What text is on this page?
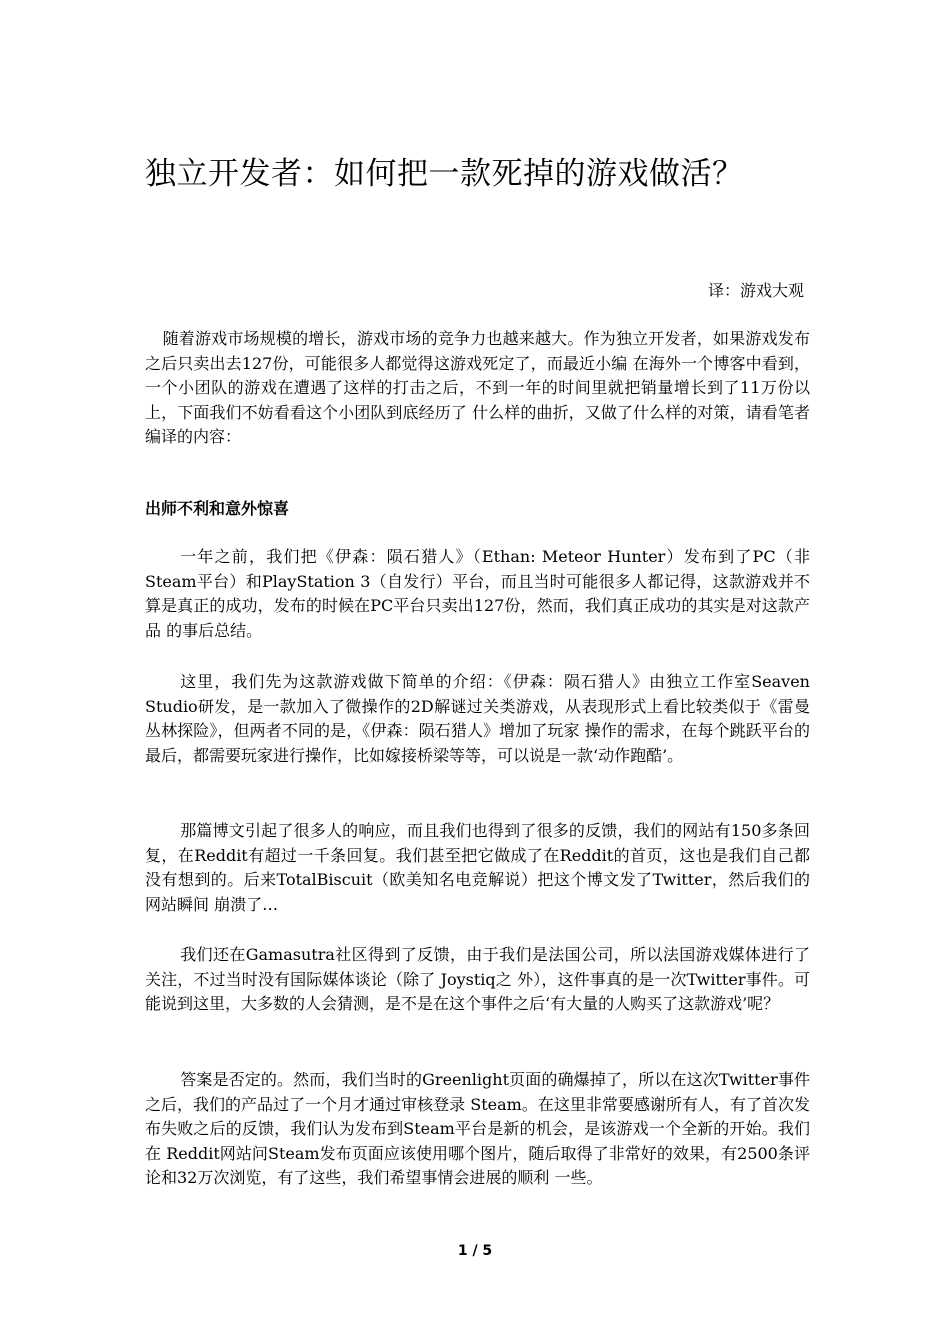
独立开发者：如何把一款死掉的游戏做活？

译：游戏大观

随着游戏市场规模的增长，游戏市场的竞争力也越来越大。作为独立开发者，如果游戏发布之后只卖出去127份，可能很多人都觉得这游戏死定了，而最近小编 在海外一个博客中看到，一个小团队的游戏在遭遇了这样的打击之后，不到一年的时间里就把销量增长到了11万份以上，下面我们不妨看看这个小团队到底经历了 什么样的曲折，又做了什么样的对策，请看笔者编译的内容：

出师不利和意外惊喜

一年之前，我们把《伊森：陨石猎人》（Ethan: Meteor Hunter）发布到了PC（非Steam平台）和PlayStation 3（自发行）平台，而且当时可能很多人都记得，这款游戏并不算是真正的成功，发布的时候在PC平台只卖出127份，然而，我们真正成功的其实是对这款产品 的事后总结。

这里，我们先为这款游戏做下简单的介绍：《伊森：陨石猎人》由独立工作室Seaven Studio研发，是一款加入了微操作的2D解谜过关类游戏，从表现形式上看比较类似于《雷曼丛林探险》，但两者不同的是，《伊森：陨石猎人》增加了玩家 操作的需求，在每个跳跃平台的最后，都需要玩家进行操作，比如嫁接桥梁等等，可以说是一款‘动作跑酷’。

那篇博文引起了很多人的响应，而且我们也得到了很多的反馈，我们的网站有150多条回复，在Reddit有超过一千条回复。我们甚至把它做成了在Reddit的首页，这也是我们自己都没有想到的。后来TotalBiscuit（欧美知名电竞解说）把这个博文发了Twitter，然后我们的网站瞬间 崩溃了…

我们还在Gamasutra社区得到了反馈，由于我们是法国公司，所以法国游戏媒体进行了关注，不过当时没有国际媒体谈论（除了 Joystiq之 外），这件事真的是一次Twitter事件。可能说到这里，大多数的人会猜测，是不是在这个事件之后‘有大量的人购买了这款游戏’呢？

答案是否定的。然而，我们当时的Greenlight页面的确爆掉了，所以在这次Twitter事件之后，我们的产品过了一个月才通过审核登录 Steam。在这里非常要感谢所有人，有了首次发布失败之后的反馈，我们认为发布到Steam平台是新的机会，是该游戏一个全新的开始。我们在 Reddit网站问Steam发布页面应该使用哪个图片，随后取得了非常好的效果，有2500条评论和32万次浏览，有了这些，我们希望事情会进展的顺利 一些。

1 / 5
